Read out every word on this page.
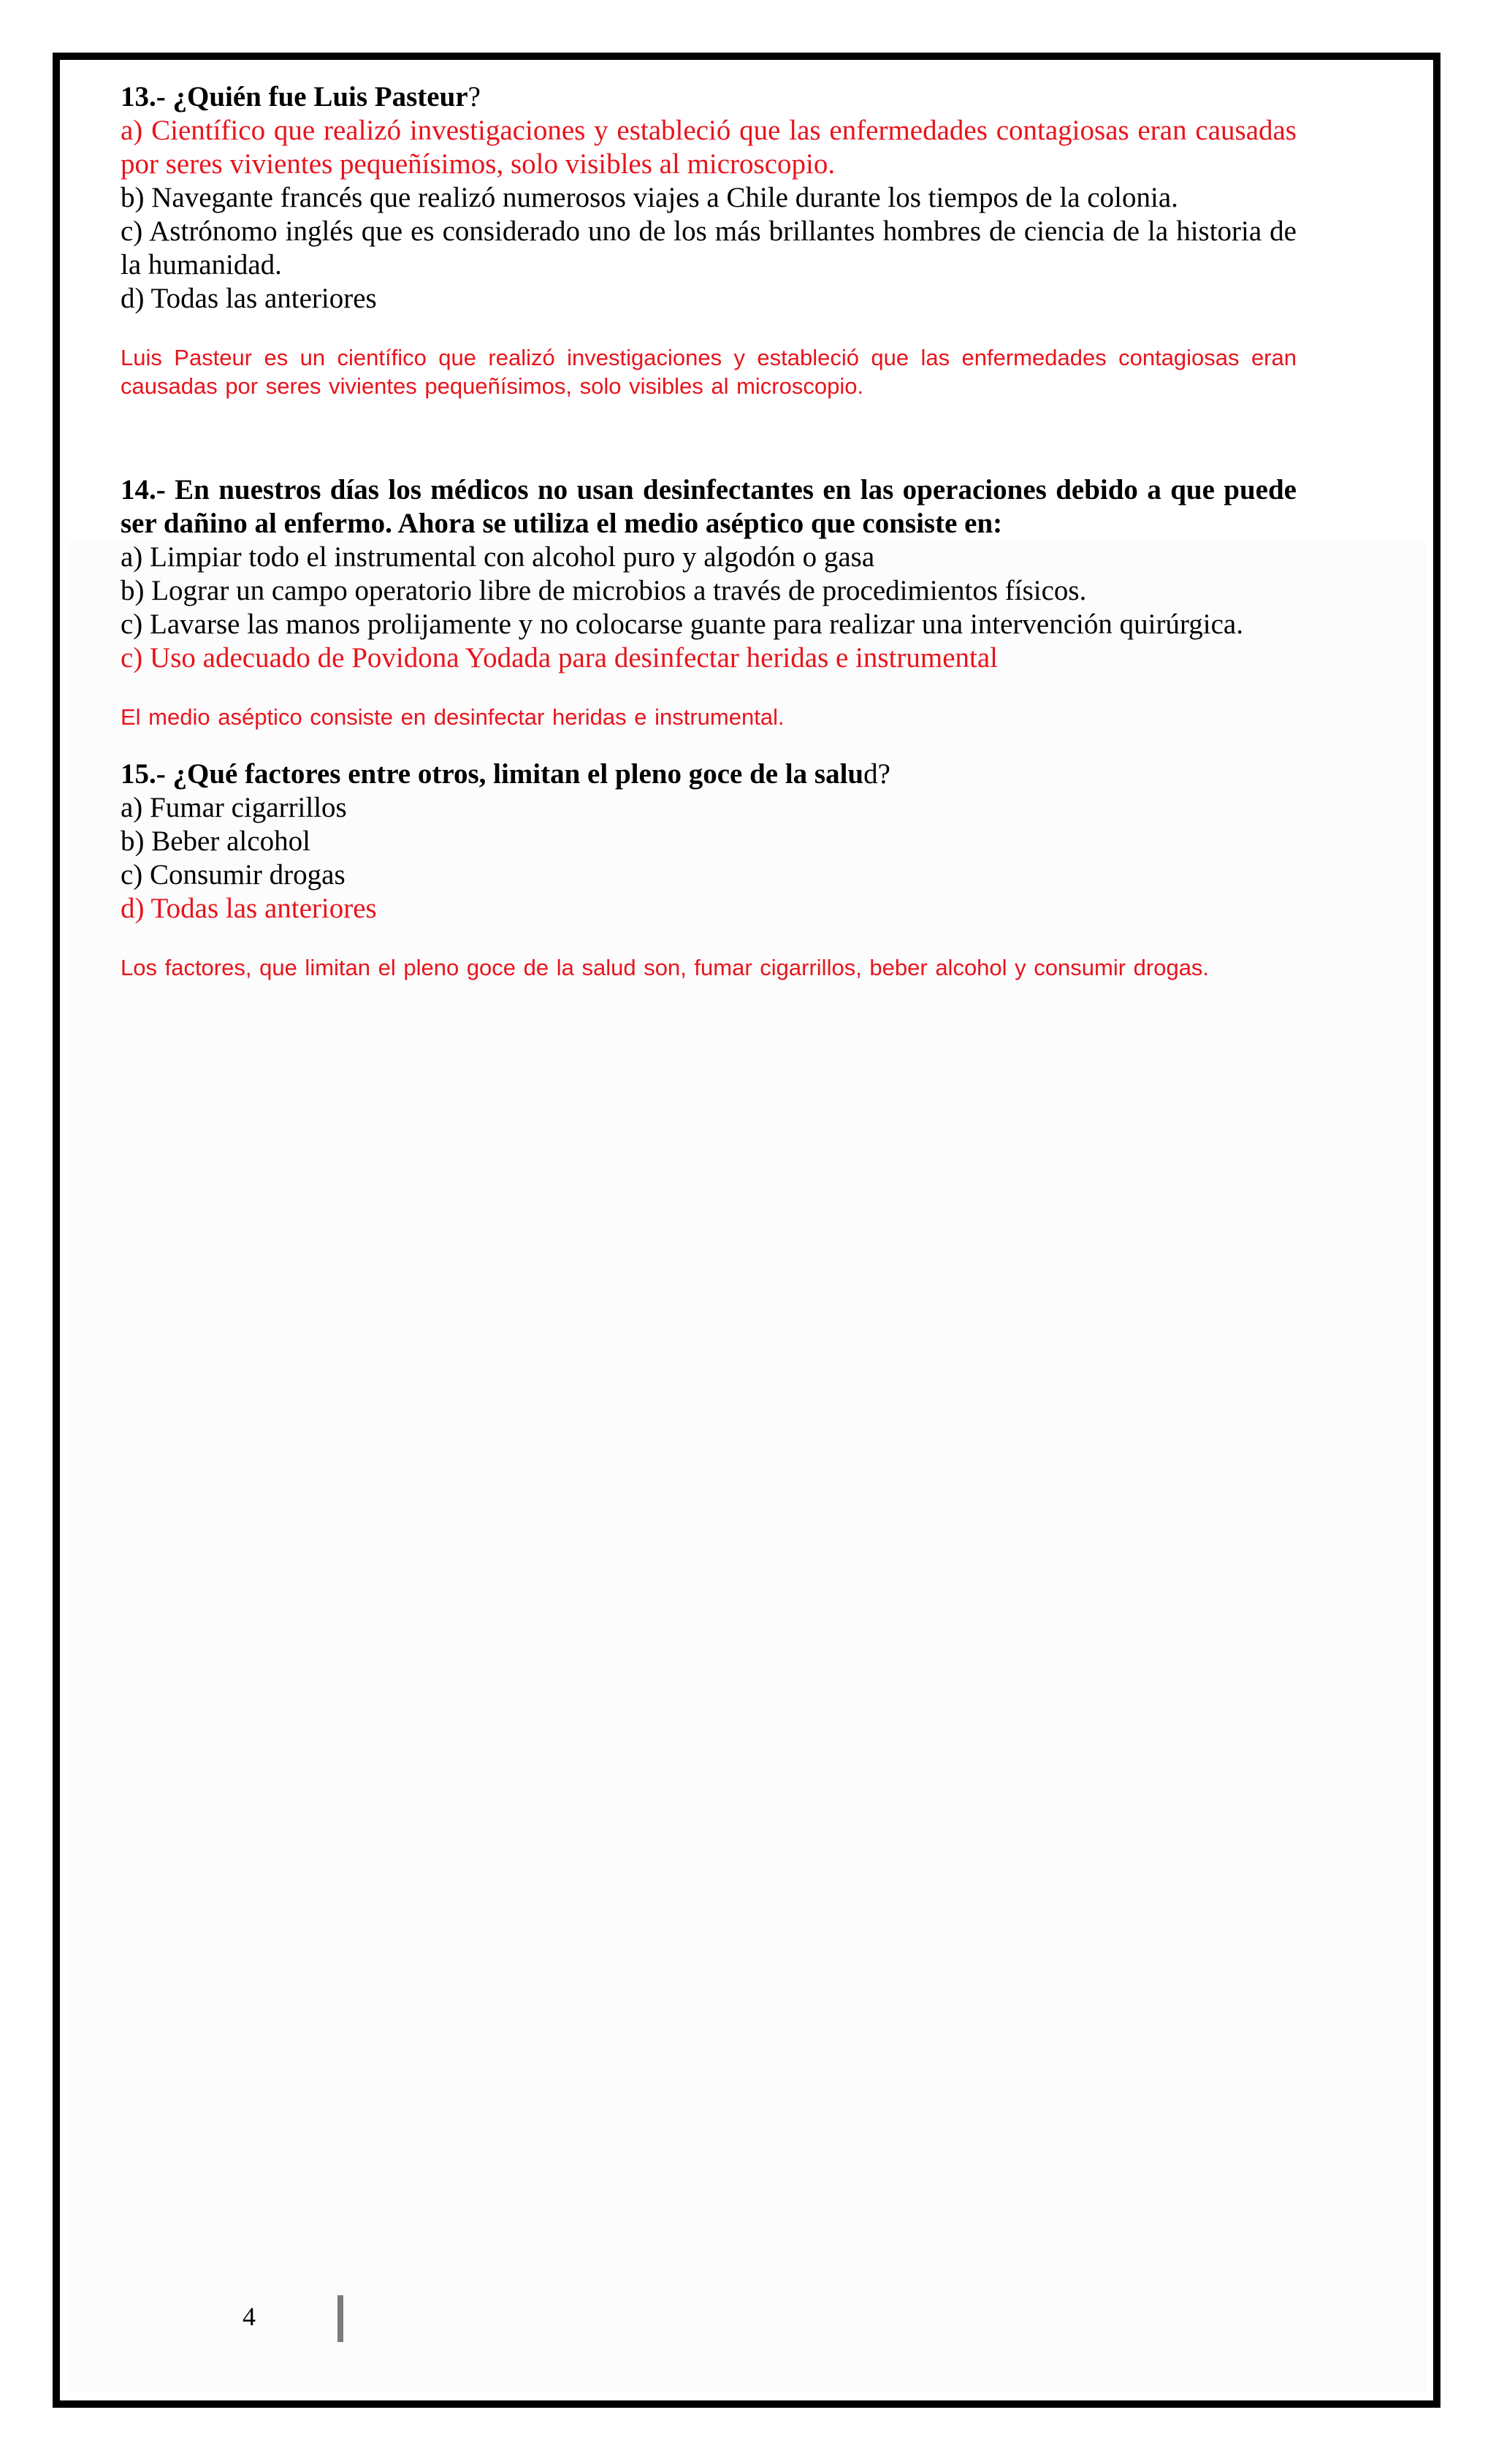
13.- ¿Quién fue Luis Pasteur?

a) Científico que realizó investigaciones y estableció que las enfermedades contagiosas eran causadas por seres vivientes pequeñísimos, solo visibles al microscopio.

b) Navegante francés que realizó numerosos viajes a Chile durante los tiempos de la colonia.

c) Astrónomo inglés que es considerado uno de los más brillantes hombres de ciencia de la historia de la humanidad.

d) Todas las anteriores

Luis Pasteur es un científico que realizó investigaciones y estableció que las enfermedades contagiosas eran causadas por seres vivientes pequeñísimos, solo visibles al microscopio.

14.- En nuestros días los médicos no usan desinfectantes en las operaciones debido a que puede ser dañino al enfermo. Ahora se utiliza el medio aséptico que consiste en:

a) Limpiar todo el instrumental con alcohol puro y algodón o gasa

b) Lograr un campo operatorio libre de microbios a través de procedimientos físicos.

c) Lavarse las manos prolijamente y no colocarse guante para realizar una intervención quirúrgica.

c) Uso adecuado de Povidona Yodada para desinfectar heridas e instrumental

El medio aséptico consiste en desinfectar heridas e instrumental.

15.- ¿Qué factores entre otros, limitan el pleno goce de la salud?

a) Fumar cigarrillos

b) Beber alcohol

c) Consumir drogas

d) Todas las anteriores

Los factores, que limitan el pleno goce de la salud son, fumar cigarrillos, beber alcohol y consumir drogas.

4
